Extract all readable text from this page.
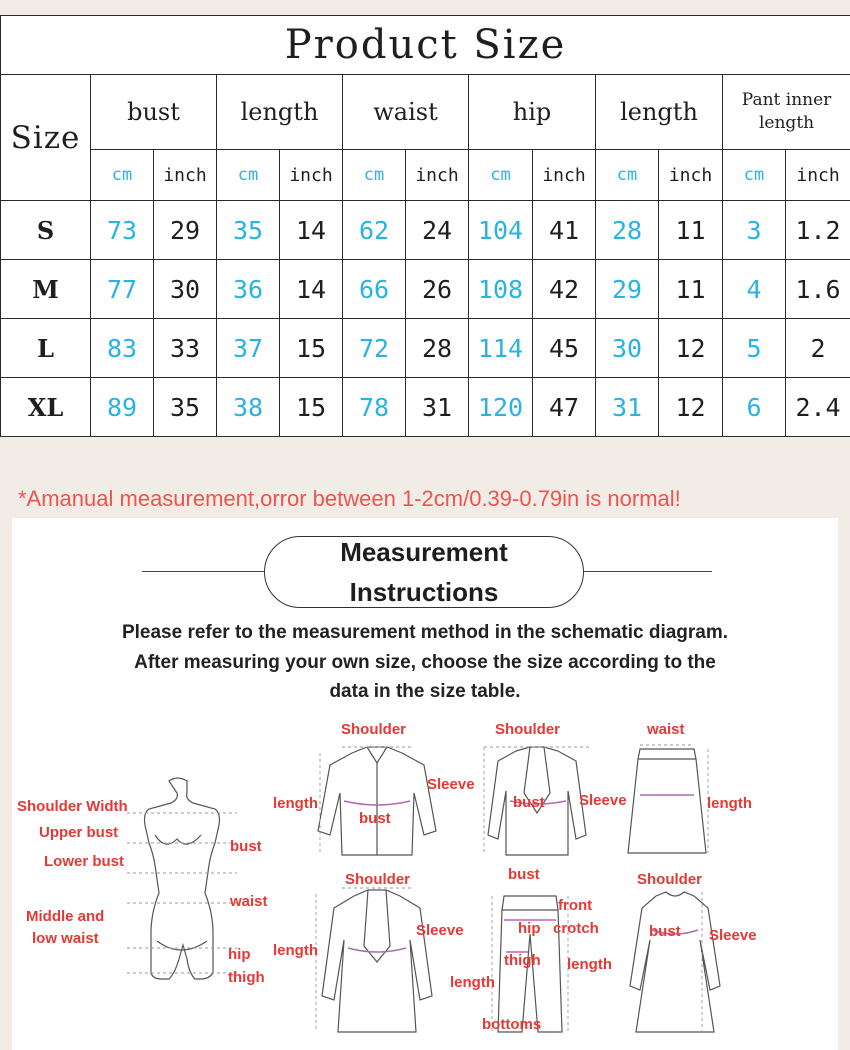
Product Size												
Size	bust		length		waist		hip		length		Pant inner length	
	cm	inch	cm	inch	cm	inch	cm	inch	cm	inch	cm	inch
S	73	29	35	14	62	24	104	41	28	11	3	1.2
M	77	30	36	14	66	26	108	42	29	11	4	1.6
L	83	33	37	15	72	28	114	45	30	12	5	2
XL	89	35	38	15	78	31	120	47	31	12	6	2.4
*Amanual measurement,orror between 1-2cm/0.39-0.79in is normal!
Measurement
Instructions
Please refer to the measurement method in the schematic diagram.
After measuring your own size, choose the size according to the
data in the size table.
Shoulder Width
Upper bust
Lower bust
Middle and
low waist
bust
waist
hip
thigh
Shoulder
Sleeve
length
bust
Shoulder
bust Sleeve
waist
length
Shoulder
Sleeve
length
bust
front
hip crotch
thigh
length
length
bottoms
Shoulder
bust Sleeve
